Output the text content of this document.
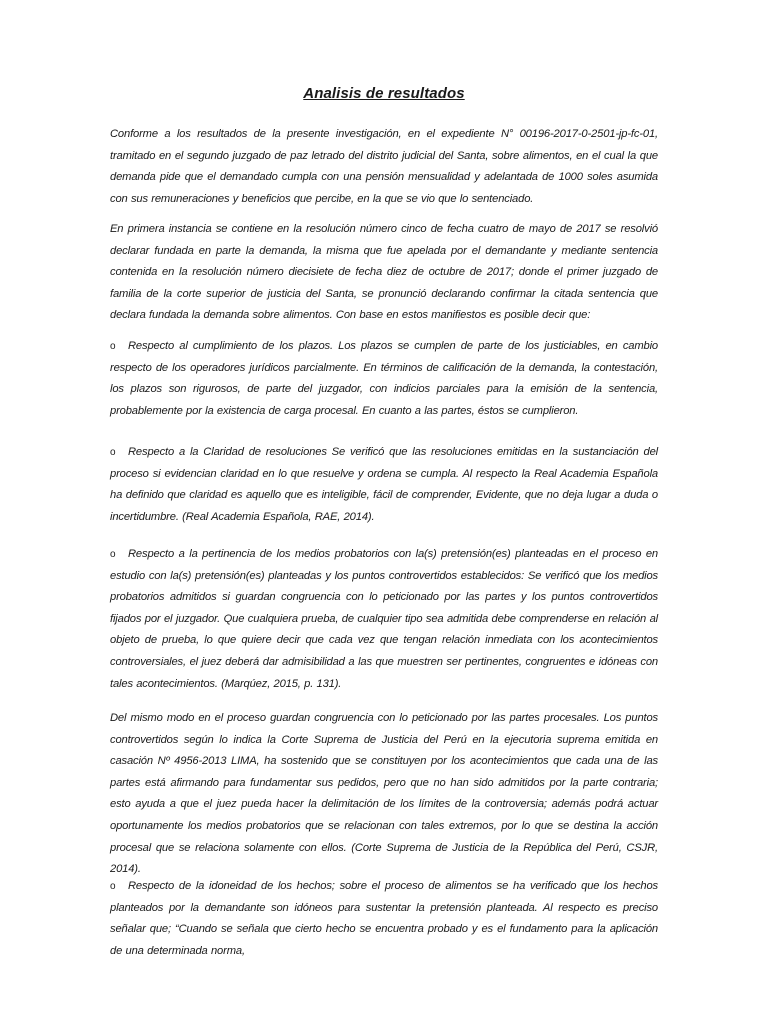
Analisis de resultados

Conforme a los resultados de la presente investigación, en el expediente N° 00196-2017-0-2501-jp-fc-01, tramitado en el segundo juzgado de paz letrado del distrito judicial del Santa, sobre alimentos, en el cual la que demanda pide que el demandado cumpla con una pensión mensualidad y adelantada de 1000 soles asumida con sus remuneraciones y beneficios que percibe, en la que se vio que lo sentenciado.

En primera instancia se contiene en la resolución número cinco de fecha cuatro de mayo de 2017 se resolvió declarar fundada en parte la demanda, la misma que fue apelada por el demandante y mediante sentencia contenida en la resolución número diecisiete de fecha diez de octubre de 2017; donde el primer juzgado de familia de la corte superior de justicia del Santa, se pronunció declarando confirmar la citada sentencia que declara fundada la demanda sobre alimentos. Con base en estos manifiestos es posible decir que:

o Respecto al cumplimiento de los plazos. Los plazos se cumplen de parte de los justiciables, en cambio respecto de los operadores jurídicos parcialmente. En términos de calificación de la demanda, la contestación, los plazos son rigurosos, de parte del juzgador, con indicios parciales para la emisión de la sentencia, probablemente por la existencia de carga procesal. En cuanto a las partes, éstos se cumplieron.

o Respecto a la Claridad de resoluciones Se verificó que las resoluciones emitidas en la sustanciación del proceso si evidencian claridad en lo que resuelve y ordena se cumpla. Al respecto la Real Academia Española ha definido que claridad es aquello que es inteligible, fácil de comprender, Evidente, que no deja lugar a duda o incertidumbre. (Real Academia Española, RAE, 2014).

o Respecto a la pertinencia de los medios probatorios con la(s) pretensión(es) planteadas en el proceso en estudio con la(s) pretensión(es) planteadas y los puntos controvertidos establecidos: Se verificó que los medios probatorios admitidos si guardan congruencia con lo peticionado por las partes y los puntos controvertidos fijados por el juzgador. Que cualquiera prueba, de cualquier tipo sea admitida debe comprenderse en relación al objeto de prueba, lo que quiere decir que cada vez que tengan relación inmediata con los acontecimientos controversiales, el juez deberá dar admisibilidad a las que muestren ser pertinentes, congruentes e idóneas con tales acontecimientos. (Marqúez, 2015, p. 131).

Del mismo modo en el proceso guardan congruencia con lo peticionado por las partes procesales. Los puntos controvertidos según lo indica la Corte Suprema de Justicia del Perú en la ejecutoria suprema emitida en casación Nº 4956-2013 LIMA, ha sostenido que se constituyen por los acontecimientos que cada una de las partes está afirmando para fundamentar sus pedidos, pero que no han sido admitidos por la parte contraria; esto ayuda a que el juez pueda hacer la delimitación de los límites de la controversia; además podrá actuar oportunamente los medios probatorios que se relacionan con tales extremos, por lo que se destina la acción procesal que se relaciona solamente con ellos. (Corte Suprema de Justicia de la República del Perú, CSJR, 2014).

o Respecto de la idoneidad de los hechos; sobre el proceso de alimentos se ha verificado que los hechos planteados por la demandante son idóneos para sustentar la pretensión planteada. Al respecto es preciso señalar que; “Cuando se señala que cierto hecho se encuentra probado y es el fundamento para la aplicación de una determinada norma,
